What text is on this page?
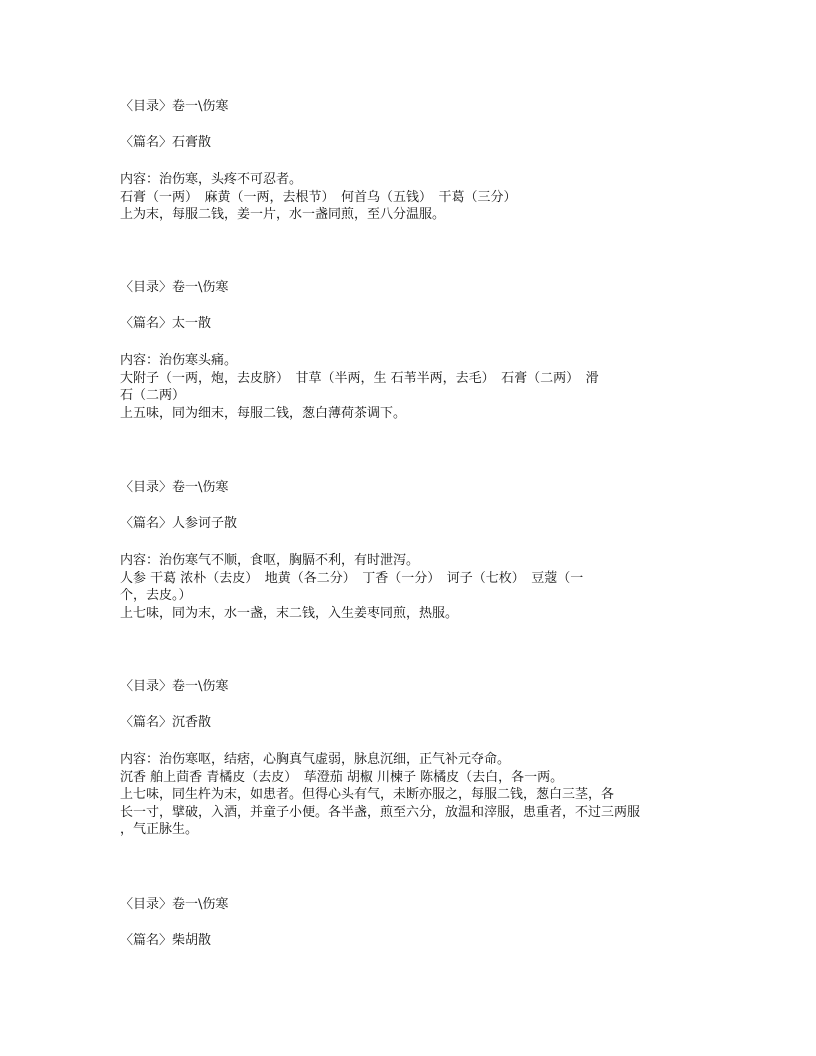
〈目录〉卷一\伤寒
〈篇名〉石膏散
内容：治伤寒，头疼不可忍者。
石膏（一两）　麻黄（一两，去根节）　何首乌（五钱）　干葛（三分）
上为末，每服二钱，姜一片，水一盏同煎，至八分温服。
〈目录〉卷一\伤寒
〈篇名〉太一散
内容：治伤寒头痛。
大附子（一两，炮，去皮脐）　甘草（半两，生 石苇半两，去毛）　石膏（二两）　滑
石（二两）
上五味，同为细末，每服二钱，葱白薄荷茶调下。
〈目录〉卷一\伤寒
〈篇名〉人参诃子散
内容：治伤寒气不顺，食呕，胸膈不利，有时泄泻。
人参 干葛 浓朴（去皮）　地黄（各二分）　丁香（一分）　诃子（七枚）　豆蔻（一
个，去皮。）
上七味，同为末，水一盏，末二钱，入生姜枣同煎，热服。
〈目录〉卷一\伤寒
〈篇名〉沉香散
内容：治伤寒呕，结痞，心胸真气虚弱，脉息沉细，正气补元夺命。
沉香 舶上茴香 青橘皮（去皮）　荜澄茄 胡椒 川楝子 陈橘皮（去白，各一两。
上七味，同生杵为末，如患者。但得心头有气，未断亦服之，每服二钱，葱白三茎，各
长一寸，擘破，入酒，并童子小便。各半盏，煎至六分，放温和滓服，患重者，不过三两服
，气正脉生。
〈目录〉卷一\伤寒
〈篇名〉柴胡散
